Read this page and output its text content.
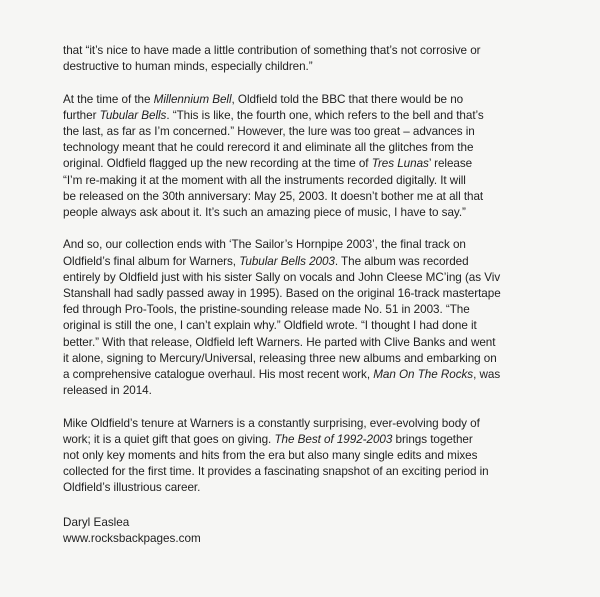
that “it’s nice to have made a little contribution of something that’s not corrosive or
destructive to human minds, especially children.”

At the time of the Millennium Bell, Oldfield told the BBC that there would be no
further Tubular Bells. “This is like, the fourth one, which refers to the bell and that’s
the last, as far as I’m concerned.” However, the lure was too great – advances in
technology meant that he could rerecord it and eliminate all the glitches from the
original. Oldfield flagged up the new recording at the time of Tres Lunas’ release
“I’m re-making it at the moment with all the instruments recorded digitally. It will
be released on the 30th anniversary: May 25, 2003. It doesn’t bother me at all that
people always ask about it. It’s such an amazing piece of music, I have to say.”

And so, our collection ends with ‘The Sailor’s Hornpipe 2003’, the final track on
Oldfield’s final album for Warners, Tubular Bells 2003. The album was recorded
entirely by Oldfield just with his sister Sally on vocals and John Cleese MC’ing (as Viv
Stanshall had sadly passed away in 1995). Based on the original 16-track mastertape
fed through Pro-Tools, the pristine-sounding release made No. 51 in 2003. “The
original is still the one, I can’t explain why.” Oldfield wrote. “I thought I had done it
better.” With that release, Oldfield left Warners. He parted with Clive Banks and went
it alone, signing to Mercury/Universal, releasing three new albums and embarking on
a comprehensive catalogue overhaul. His most recent work, Man On The Rocks, was
released in 2014.

Mike Oldfield’s tenure at Warners is a constantly surprising, ever-evolving body of
work; it is a quiet gift that goes on giving. The Best of 1992-2003 brings together
not only key moments and hits from the era but also many single edits and mixes
collected for the first time. It provides a fascinating snapshot of an exciting period in
Oldfield’s illustrious career.

Daryl Easlea
www.rocksbackpages.com
